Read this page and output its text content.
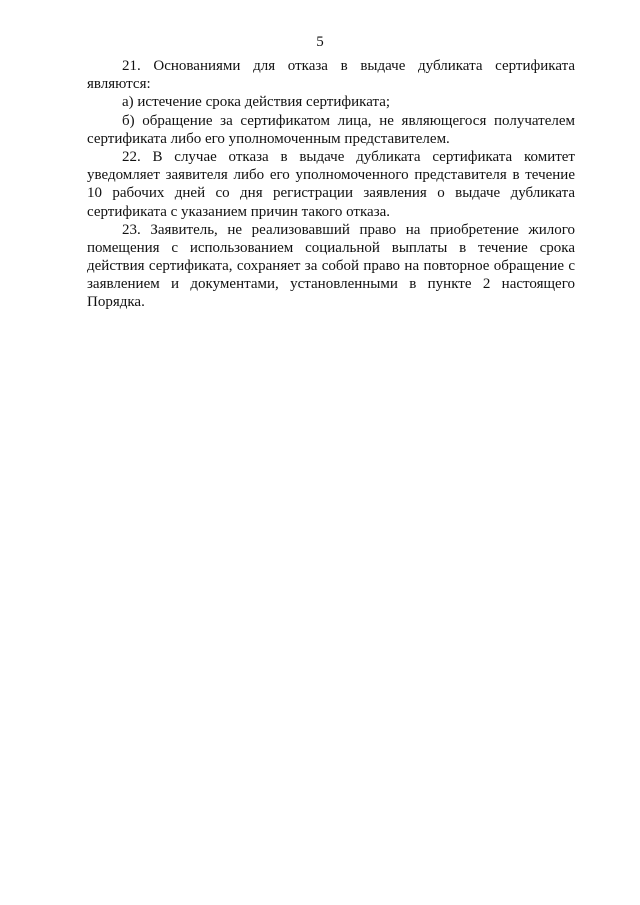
5
21. Основаниями для отказа в выдаче дубликата сертификата
являются:
а) истечение срока действия сертификата;
б) обращение за сертификатом лица, не являющегося получателем
сертификата либо его уполномоченным представителем.
22. В случае отказа в выдаче дубликата сертификата комитет
уведомляет заявителя либо его уполномоченного представителя в течение
10 рабочих дней со дня регистрации заявления о выдаче дубликата
сертификата с указанием причин такого отказа.
23. Заявитель, не реализовавший право на приобретение жилого
помещения с использованием социальной выплаты в течение срока
действия сертификата, сохраняет за собой право на повторное обращение с
заявлением и документами, установленными в пункте 2 настоящего
Порядка.
